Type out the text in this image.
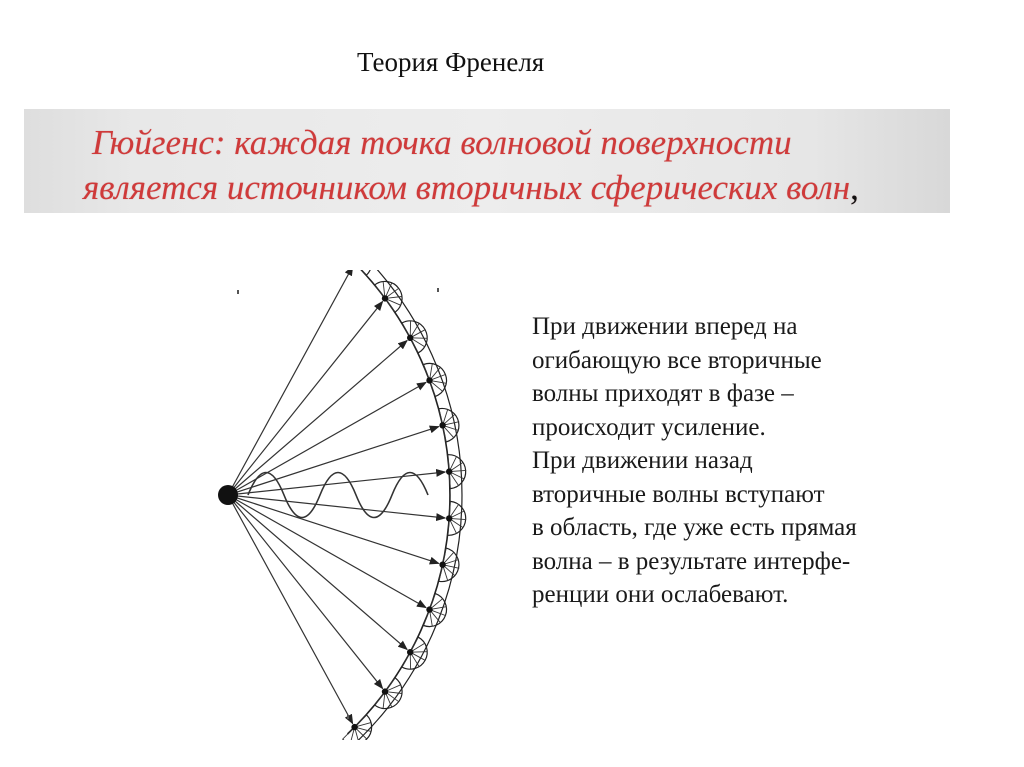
Теория Френеля
Гюйгенс: каждая точка волновой поверхности
является источником вторичных сферических волн,
При движении вперед на
огибающую все вторичные
волны приходят в фазе –
происходит усиление.
При движении назад
вторичные волны вступают
в область, где уже есть прямая
волна – в результате интерфе-
ренции они ослабевают.
